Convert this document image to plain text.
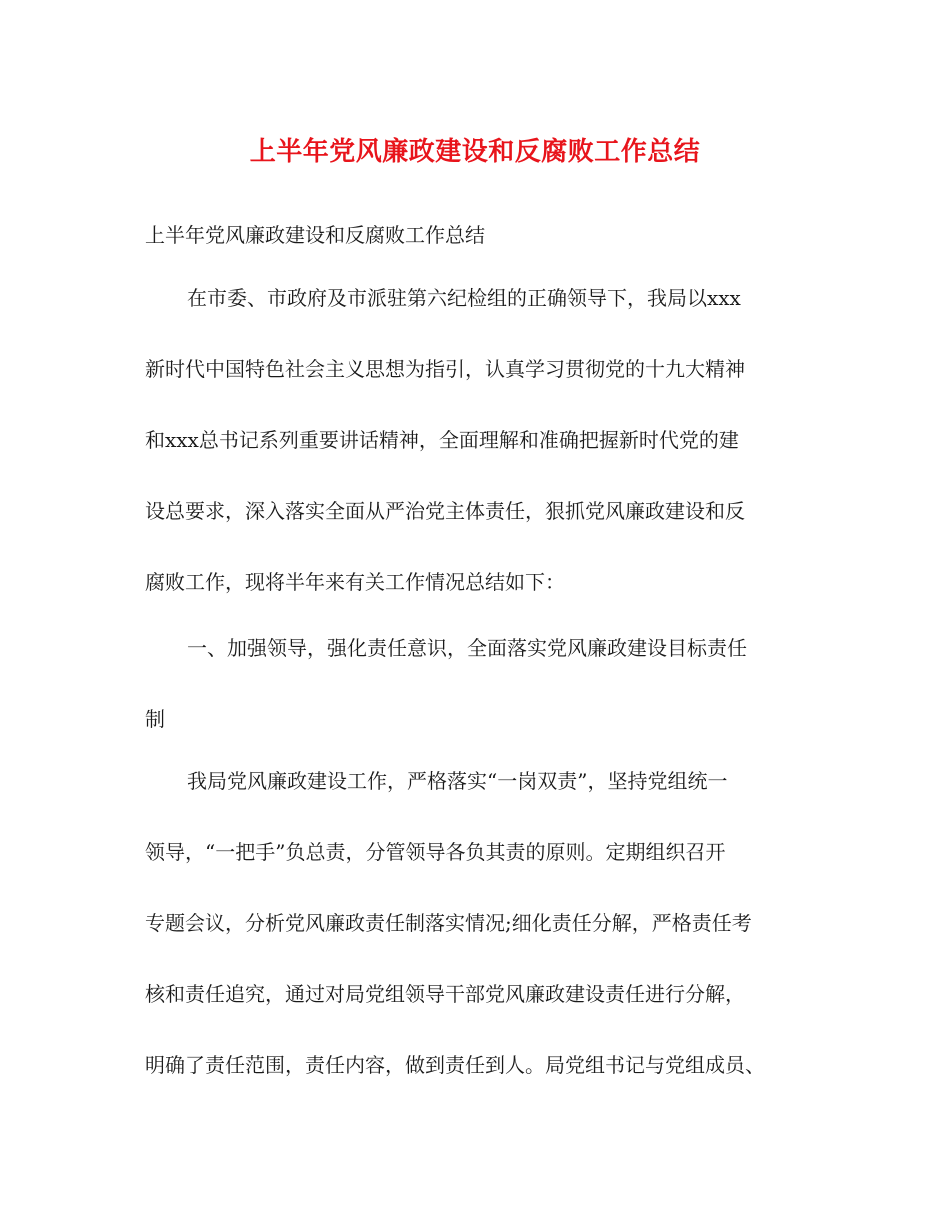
上半年党风廉政建设和反腐败工作总结

上半年党风廉政建设和反腐败工作总结

在市委、市政府及市派驻第六纪检组的正确领导下，我局以xxx

新时代中国特色社会主义思想为指引，认真学习贯彻党的十九大精神

和xxx总书记系列重要讲话精神，全面理解和准确把握新时代党的建

设总要求，深入落实全面从严治党主体责任，狠抓党风廉政建设和反

腐败工作，现将半年来有关工作情况总结如下：

一、加强领导，强化责任意识，全面落实党风廉政建设目标责任

制

我局党风廉政建设工作，严格落实“一岗双责”，坚持党组统一

领导，“一把手”负总责，分管领导各负其责的原则。定期组织召开

专题会议，分析党风廉政责任制落实情况;细化责任分解，严格责任考

核和责任追究，通过对局党组领导干部党风廉政建设责任进行分解，

明确了责任范围，责任内容，做到责任到人。局党组书记与党组成员、
